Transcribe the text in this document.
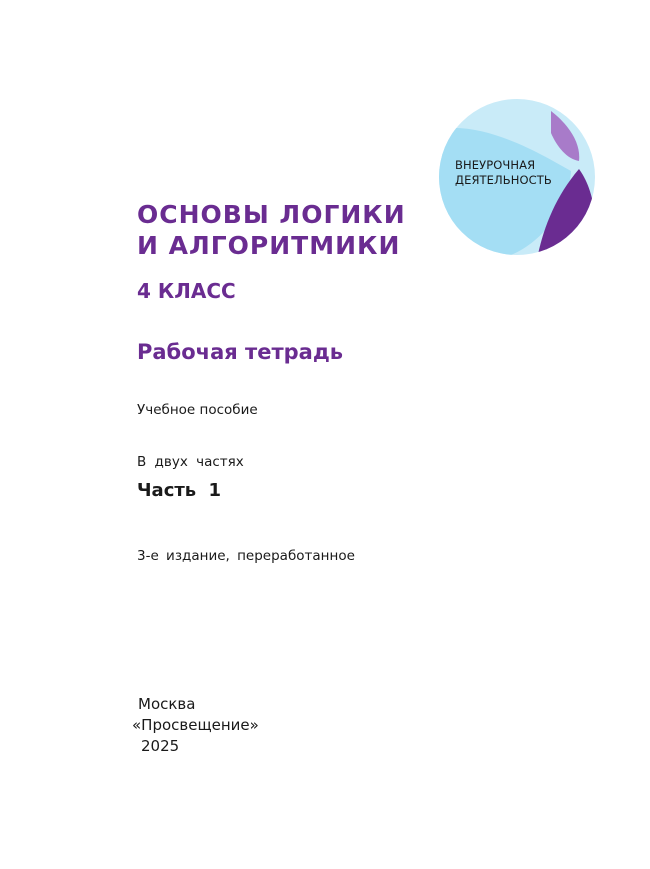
ВНЕУРОЧНАЯ
ДЕЯТЕЛЬНОСТЬ
ОСНОВЫ ЛОГИКИ
И АЛГОРИТМИКИ
4 КЛАСС
Рабочая тетрадь
Учебное пособие
В двух частях
Часть 1
3-е издание, переработанное
Москва
«Просвещение»
2025
